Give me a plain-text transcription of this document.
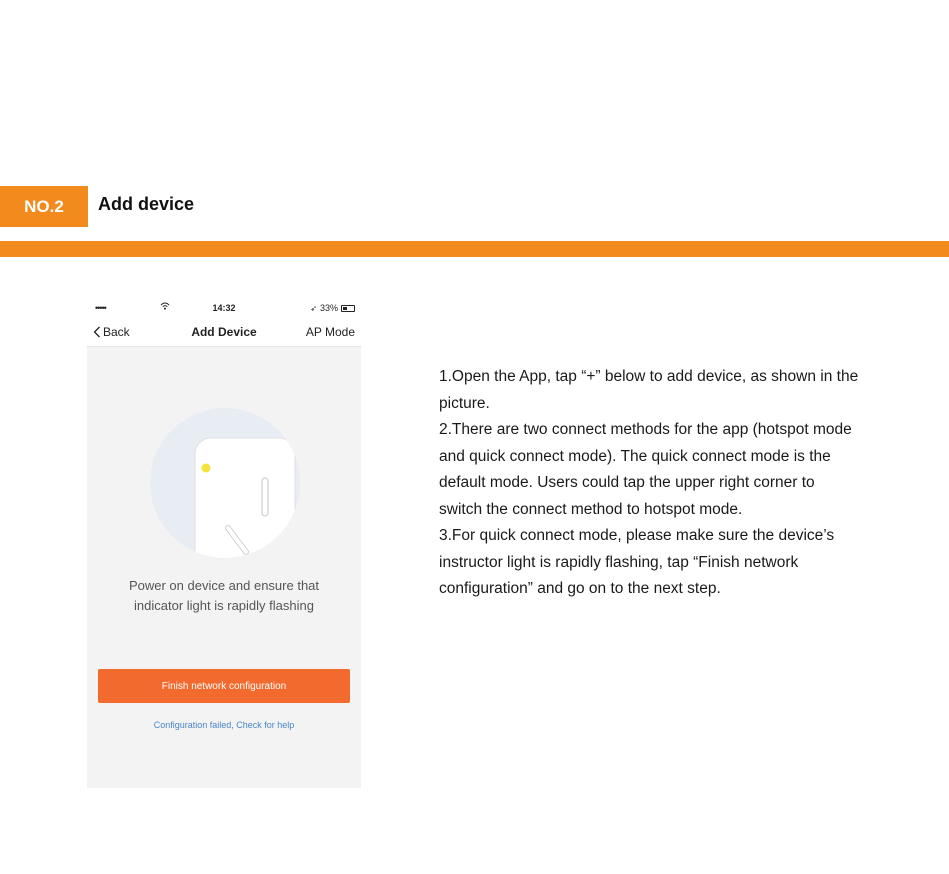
NO.2	Add device
•••••	14:32	➶ 33%
Back	Add Device	AP Mode
Power on device and ensure that
indicator light is rapidly flashing
Finish network configuration
Configuration failed, Check for help

1.Open the App, tap “+” below to add device, as shown in the picture.

2.There are two connect methods for the app (hotspot mode and quick connect mode). The quick connect mode is the default mode. Users could tap the upper right corner to switch the connect method to hotspot mode.

3.For quick connect mode, please make sure the device’s instructor light is rapidly flashing, tap “Finish network configuration” and go on to the next step.
